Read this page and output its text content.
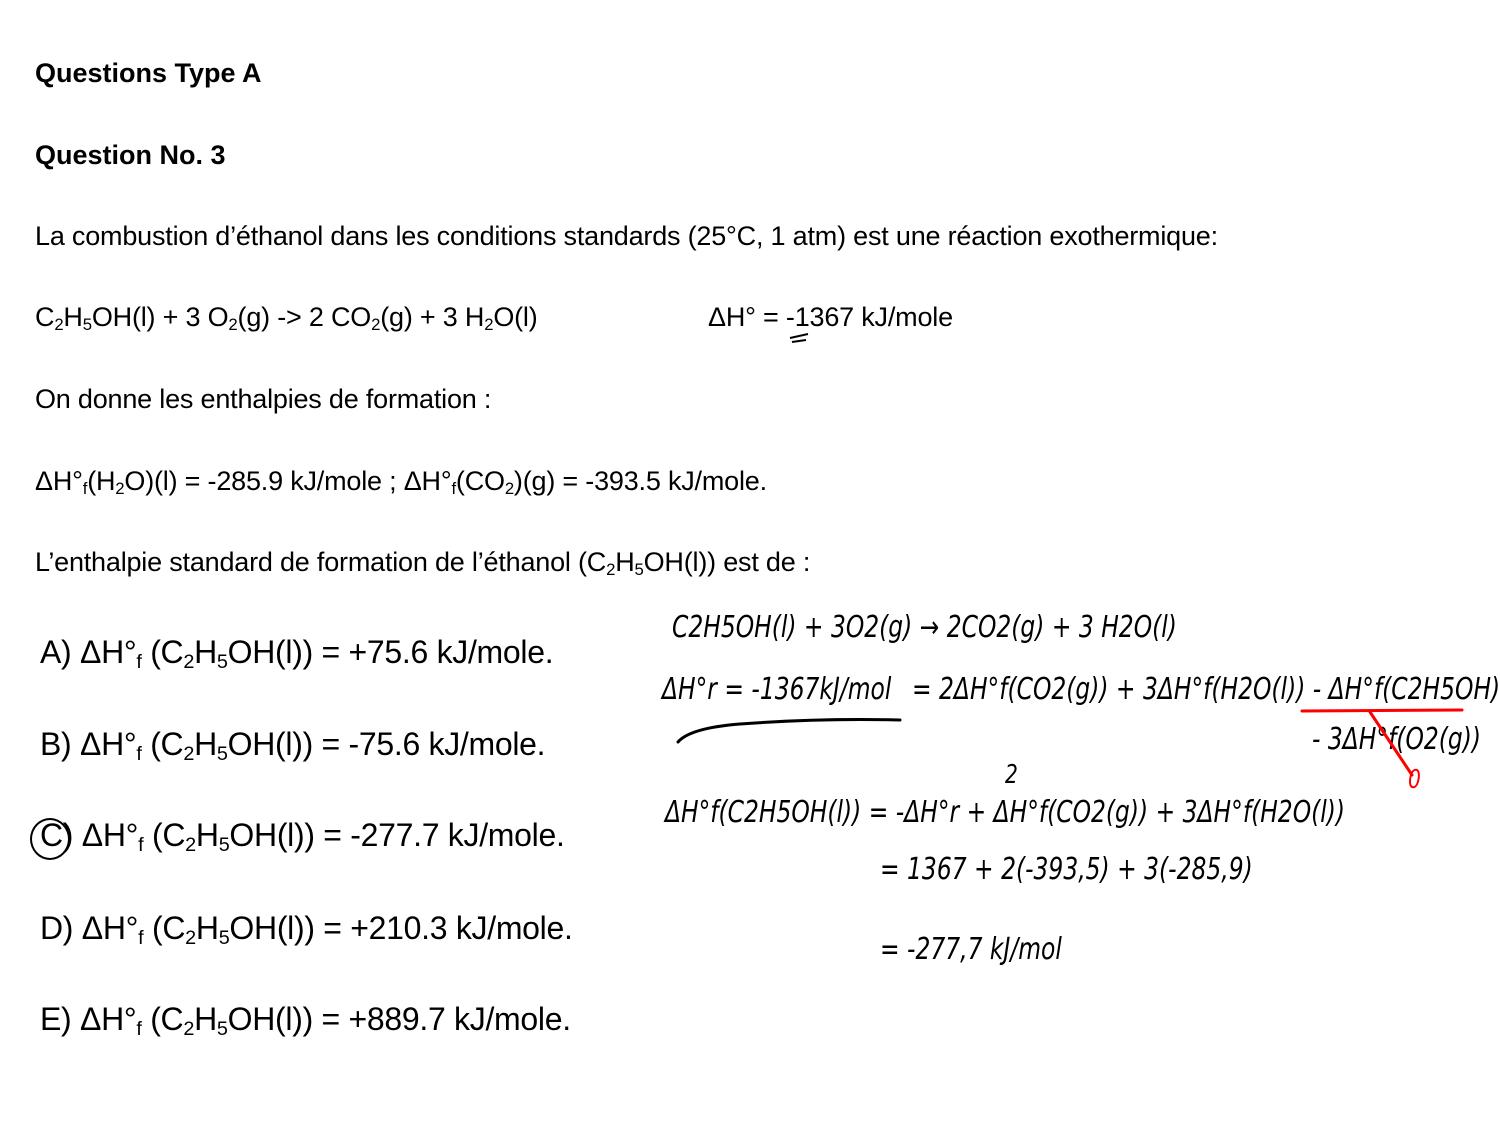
Questions Type A
Question No. 3
La combustion d’éthanol dans les conditions standards (25°C, 1 atm) est une réaction exothermique:
$C_2H_5OH(l) + 3$ $O_2(g) -> 2$ $CO_2(g) + 3$ $H_2O(l)$	ΔH° = -1367 kJ/mole
On donne les enthalpies de formation :
$\Delta H^\circ_f(H_2O)(l) = -285.9$ kJ/mole ; $\Delta H^\circ_f(CO_2)(g) = -393.5$ kJ/mole.
L’enthalpie standard de formation de l’éthanol $(C_2H_5OH(l))$ est de :
A) $\Delta H^\circ_f$ $(C_2H_5OH(l)) = +75.6$ kJ/mole.
B) $\Delta H^\circ_f$ $(C_2H_5OH(l)) = -75.6$ kJ/mole.
C) $\Delta H^\circ_f$ $(C_2H_5OH(l)) = -277.7$ kJ/mole.
D) $\Delta H^\circ_f$ $(C_2H_5OH(l)) = +210.3$ kJ/mole.
E) $\Delta H^\circ_f$ $(C_2H_5OH(l)) = +889.7$ kJ/mole.
C2H5OH(l) + 3O2(g) → 2CO2(g) + 3 H2O(l)
ΔH°r = -1367kJ/mol = 2ΔH°f(CO2(g)) + 3ΔH°f(H2O(l)) - ΔH°f(C2H5OH)
- 3ΔH°f(O2(g))
2
ΔH°f(C2H5OH(l)) = -ΔH°r + ΔH°f(CO2(g)) + 3ΔH°f(H2O(l))
= 1367 + 2(-393,5) + 3(-285,9)
= -277,7 kJ/mol
0
